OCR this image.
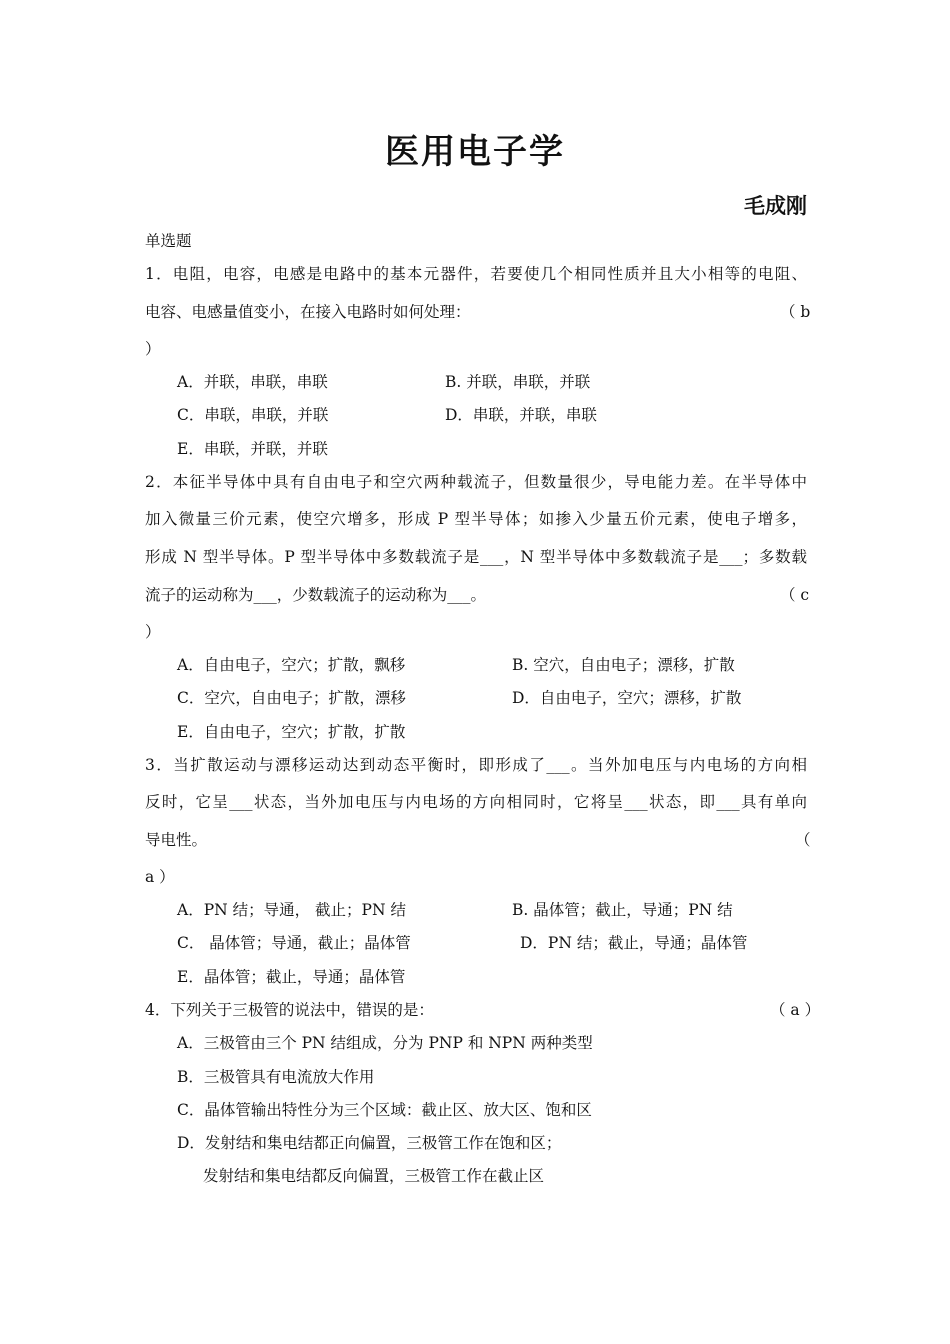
医用电子学
毛成刚
单选题
1．电阻，电容，电感是电路中的基本元器件，若要使几个相同性质并且大小相等的电阻、
电容、电感量值变小，在接入电路时如何处理：	（ b
）
A．并联，串联，串联	B. 并联，串联，并联
C．串联，串联，并联	D．串联，并联，串联
E．串联，并联，并联
2．本征半导体中具有自由电子和空穴两种载流子，但数量很少，导电能力差。在半导体中
加入微量三价元素，使空穴增多，形成 P 型半导体；如掺入少量五价元素，使电子增多，
形成 N 型半导体。P 型半导体中多数载流子是___，N 型半导体中多数载流子是___；多数载
流子的运动称为___，少数载流子的运动称为___。	（ c
）
A．自由电子，空穴；扩散，飘移	B. 空穴，自由电子；漂移，扩散
C．空穴，自由电子；扩散，漂移	D．自由电子，空穴；漂移，扩散
E．自由电子，空穴；扩散，扩散
3．当扩散运动与漂移运动达到动态平衡时，即形成了___。当外加电压与内电场的方向相
反时，它呈___状态，当外加电压与内电场的方向相同时，它将呈___状态，即___具有单向
导电性。	（
a ）
A．PN 结；导通， 截止；PN 结	B. 晶体管；截止，导通；PN 结
C． 晶体管；导通，截止；晶体管	D．PN 结；截止，导通；晶体管
E．晶体管；截止，导通；晶体管
4．下列关于三极管的说法中，错误的是：	（ a ）
A．三极管由三个 PN 结组成，分为 PNP 和 NPN 两种类型
B．三极管具有电流放大作用
C．晶体管输出特性分为三个区域：截止区、放大区、饱和区
D．发射结和集电结都正向偏置，三极管工作在饱和区；
发射结和集电结都反向偏置，三极管工作在截止区
